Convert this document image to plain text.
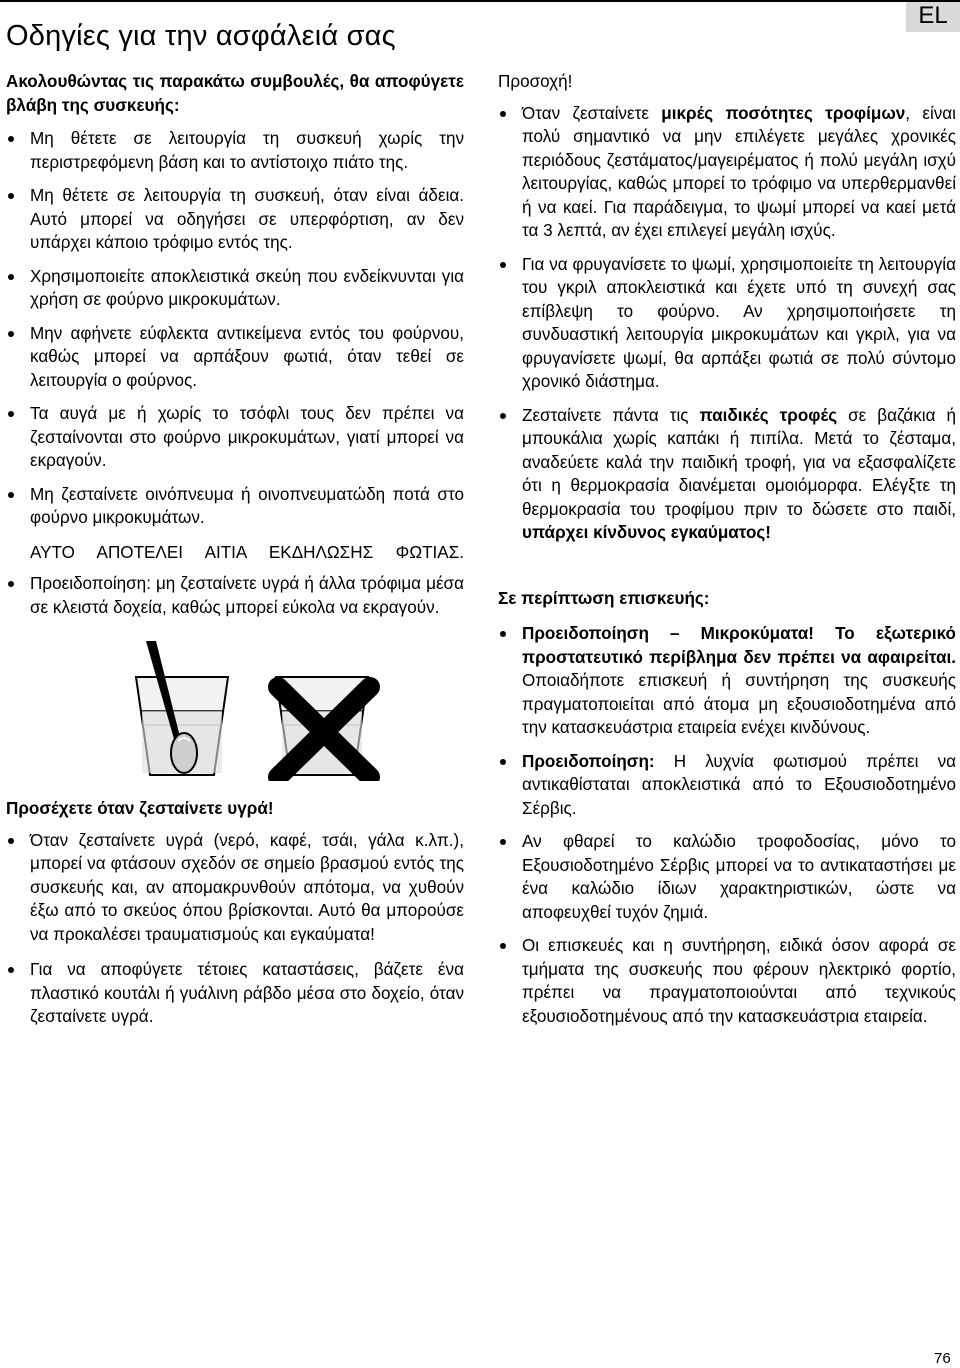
Οδηγίες για την ασφάλειά σας
EL

Ακολουθώντας τις παρακάτω συμβουλές, θα αποφύγετε βλάβη της συσκευής:

Μη θέτετε σε λειτουργία τη συσκευή χωρίς την περιστρεφόμενη βάση και το αντίστοιχο πιάτο της.
Μη θέτετε σε λειτουργία τη συσκευή, όταν είναι άδεια. Αυτό μπορεί να οδηγήσει σε υπερφόρτιση, αν δεν υπάρχει κάποιο τρόφιμο εντός της.
Χρησιμοποιείτε αποκλειστικά σκεύη που ενδείκνυνται για χρήση σε φούρνο μικροκυμάτων.
Μην αφήνετε εύφλεκτα αντικείμενα εντός του φούρνου, καθώς μπορεί να αρπάξουν φωτιά, όταν τεθεί σε λειτουργία ο φούρνος.
Τα αυγά με ή χωρίς το τσόφλι τους δεν πρέπει να ζεσταίνονται στο φούρνο μικροκυμάτων, γιατί μπορεί να εκραγούν.
Μη ζεσταίνετε οινόπνευμα ή οινοπνευματώδη ποτά στο φούρνο μικροκυμάτων.

ΑΥΤΟ ΑΠΟΤΕΛΕΙ ΑΙΤΙΑ ΕΚΔΗΛΩΣΗΣ ΦΩΤΙΑΣ.

Προειδοποίηση: μη ζεσταίνετε υγρά ή άλλα τρόφιμα μέσα σε κλειστά δοχεία, καθώς μπορεί εύκολα να εκραγούν.

Προσέχετε όταν ζεσταίνετε υγρά!

Όταν ζεσταίνετε υγρά (νερό, καφέ, τσάι, γάλα κ.λπ.), μπορεί να φτάσουν σχεδόν σε σημείο βρασμού εντός της συσκευής και, αν απομακρυνθούν απότομα, να χυθούν έξω από το σκεύος όπου βρίσκονται. Αυτό θα μπορούσε να προκαλέσει τραυματισμούς και εγκαύματα!
Για να αποφύγετε τέτοιες καταστάσεις, βάζετε ένα πλαστικό κουτάλι ή γυάλινη ράβδο μέσα στο δοχείο, όταν ζεσταίνετε υγρά.

Προσοχή!

Όταν ζεσταίνετε μικρές ποσότητες τροφίμων, είναι πολύ σημαντικό να μην επιλέγετε μεγάλες χρονικές περιόδους ζεστάματος/μαγειρέματος ή πολύ μεγάλη ισχύ λειτουργίας, καθώς μπορεί το τρόφιμο να υπερθερμανθεί ή να καεί. Για παράδειγμα, το ψωμί μπορεί να καεί μετά τα 3 λεπτά, αν έχει επιλεγεί μεγάλη ισχύς.
Για να φρυγανίσετε το ψωμί, χρησιμοποιείτε τη λειτουργία του γκριλ αποκλειστικά και έχετε υπό τη συνεχή σας επίβλεψη το φούρνο. Αν χρησιμοποιήσετε τη συνδυαστική λειτουργία μικροκυμάτων και γκριλ, για να φρυγανίσετε ψωμί, θα αρπάξει φωτιά σε πολύ σύντομο χρονικό διάστημα.
Ζεσταίνετε πάντα τις παιδικές τροφές σε βαζάκια ή μπουκάλια χωρίς καπάκι ή πιπίλα. Μετά το ζέσταμα, αναδεύετε καλά την παιδική τροφή, για να εξασφαλίζετε ότι η θερμοκρασία διανέμεται ομοιόμορφα. Ελέγξτε τη θερμοκρασία του τροφίμου πριν το δώσετε στο παιδί, υπάρχει κίνδυνος εγκαύματος!

Σε περίπτωση επισκευής:

Προειδοποίηση – Μικροκύματα! Το εξωτερικό προστατευτικό περίβλημα δεν πρέπει να αφαιρείται. Οποιαδήποτε επισκευή ή συντήρηση της συσκευής πραγματοποιείται από άτομα μη εξουσιοδοτημένα από την κατασκευάστρια εταιρεία ενέχει κινδύνους.
Προειδοποίηση: Η λυχνία φωτισμού πρέπει να αντικαθίσταται αποκλειστικά από το Εξουσιοδοτημένο Σέρβις.
Αν φθαρεί το καλώδιο τροφοδοσίας, μόνο το Εξουσιοδοτημένο Σέρβις μπορεί να το αντικαταστήσει με ένα καλώδιο ίδιων χαρακτηριστικών, ώστε να αποφευχθεί τυχόν ζημιά.
Οι επισκευές και η συντήρηση, ειδικά όσον αφορά σε τμήματα της συσκευής που φέρουν ηλεκτρικό φορτίο, πρέπει να πραγματοποιούνται από τεχνικούς εξουσιοδοτημένους από την κατασκευάστρια εταιρεία.
76
